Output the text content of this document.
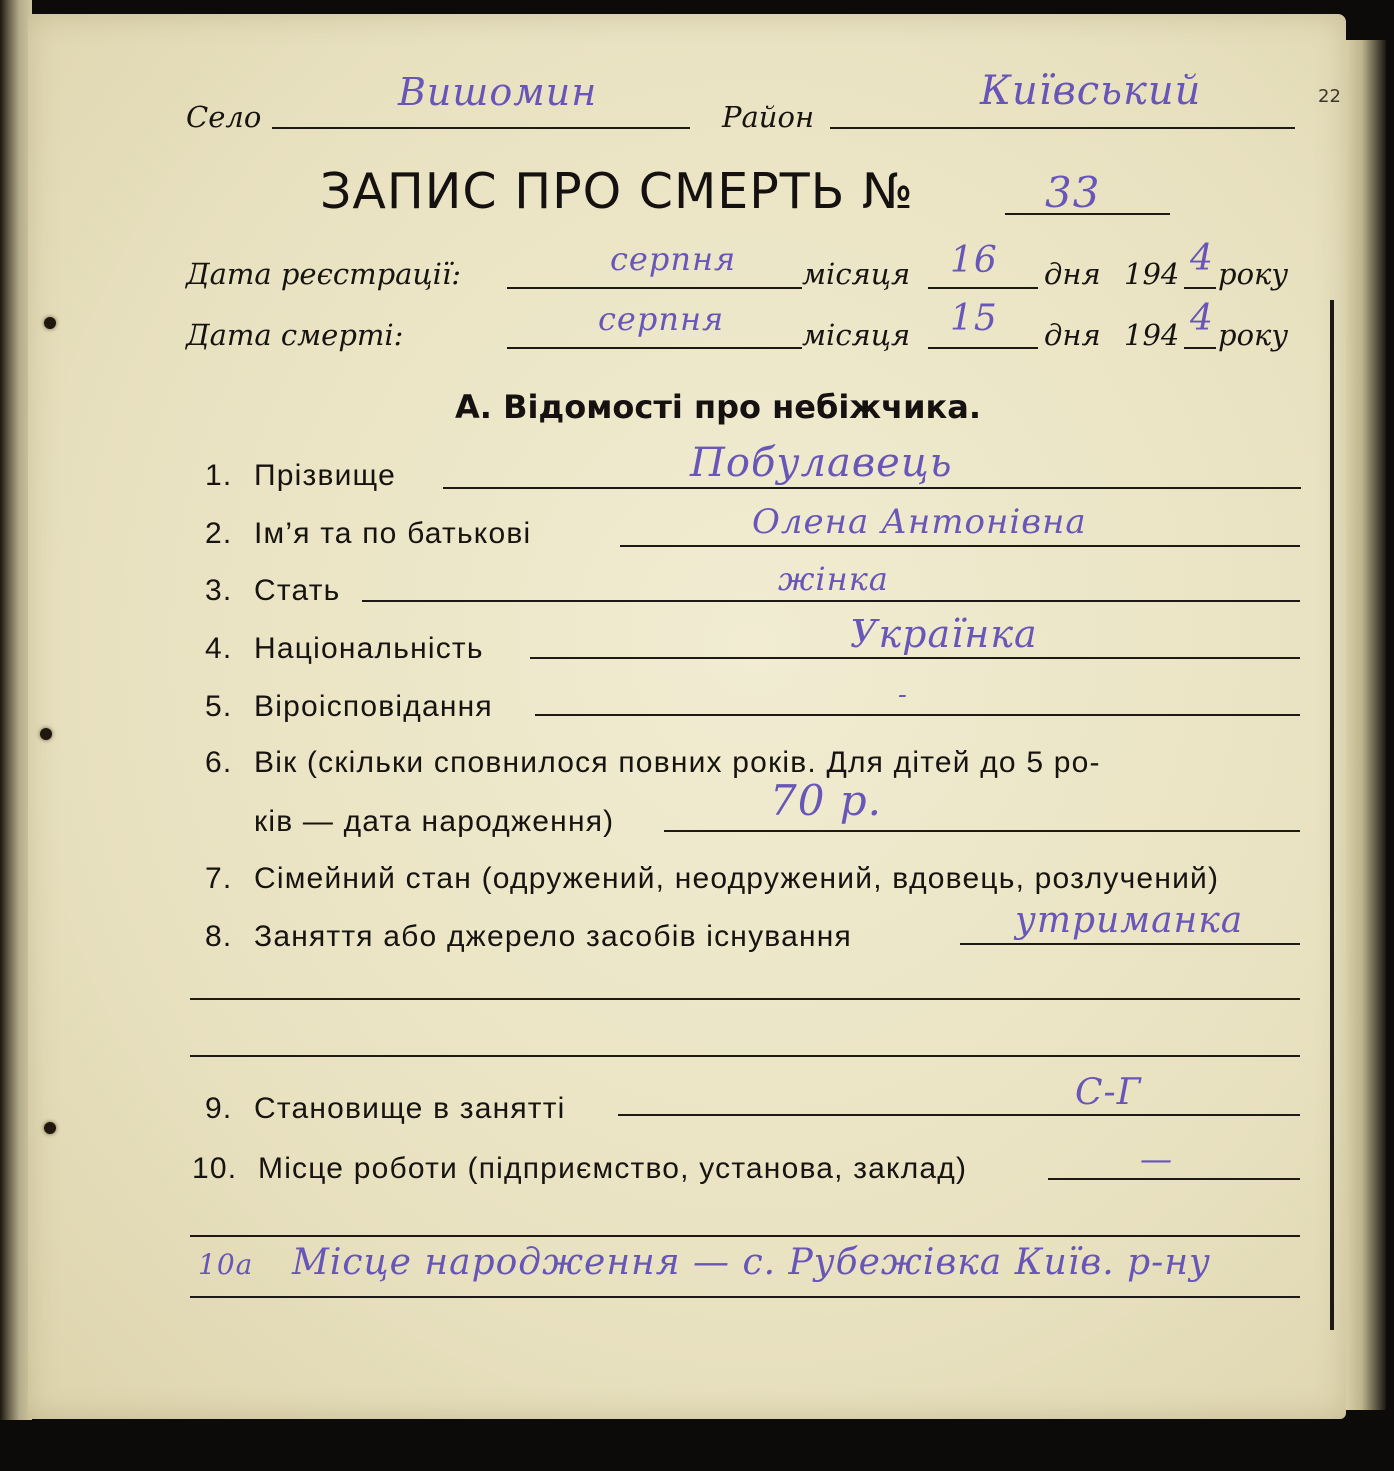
22
Село
Вишомин
Район
Київський
ЗАПИС ПРО СМЕРТЬ №	33
Дата реєстрації:	серпня місяця 16 дня 194 4 року
Дата смерті:	серпня	місяця 15 дня 194 4 року
А. Відомості про небіжчика.
1. Прізвище	Побулавець
2. Ім’я та по батькові	Олена Антонівна
3. Стать	жінка
4. Національність	Українка
5. Віроісповідання	-
6. Вік (скільки сповнилося повних років. Для дітей до 5 ро-
ків — дата народження)	70 р.
7. Сімейний стан (одружений, неодружений, вдовець, розлучений)
8. Заняття або джерело засобів існування	утриманка
9. Становище в занятті	С-Г
10. Місце роботи (підприємство, установа, заклад)	—
10а Місце народження — с. Рубежівка Київ. р-ну
